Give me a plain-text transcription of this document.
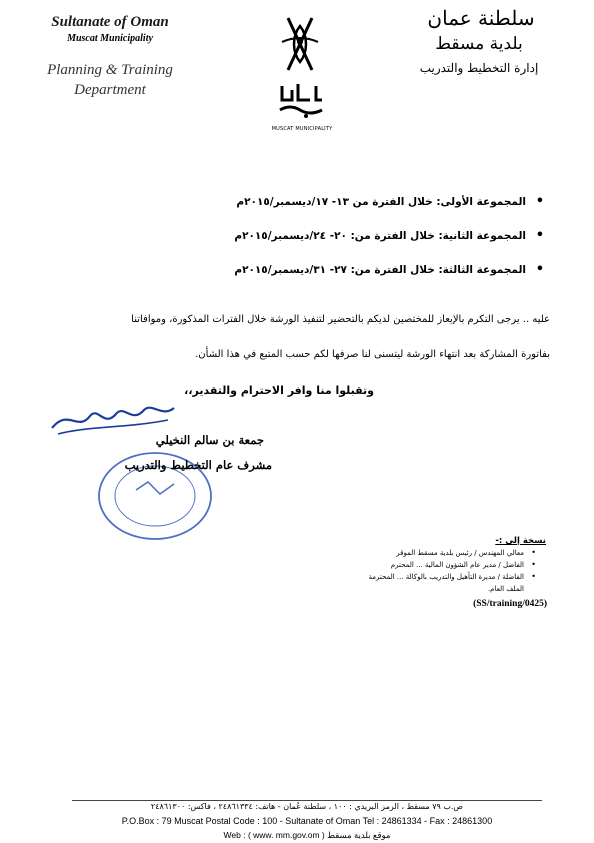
Sultanate of Oman
Muscat Municipality
Planning & Training
Department
سلطنة عمان
بلدية مسقط
إدارة التخطيط والتدريب
MUSCAT MUNICIPALITY
• المجموعة الأولى: خلال الفترة من ١٣- ١٧/ديسمبر/٢٠١٥م
• المجموعة الثانية: خلال الفترة من: ٢٠- ٢٤/ديسمبر/٢٠١٥م
• المجموعة الثالثة: خلال الفترة من: ٢٧- ٣١/ديسمبر/٢٠١٥م
عليه .. يرجى التكرم بالإيعاز للمختصين لديكم بالتحضير لتنفيذ الورشة خلال الفترات المذكورة، وموافاتنا
بفاتورة المشاركة بعد انتهاء الورشة ليتسنى لنا صرفها لكم حسب المتبع في هذا الشأن.
وتقبلوا منا وافر الاحترام والتقدير،،
جمعة بن سالم النخيلي
مشرف عام التخطيط والتدريب
نسخة إلى :-
• معالي المهندس / رئيس بلدية مسقط الموقر
• الفاضل / مدير عام الشؤون المالية ... المحترم
• الفاضلة / مديرة التأهيل والتدريب بالوكالة ... المحترمة
الملف العام.
(SS/training/0425)
ص.ب ٧٩ مسقط ، الرمز البريدي : ١٠٠ ، سلطنة عُمان - هاتف: ٢٤٨٦١٣٣٤ ، فاكس: ٢٤٨٦١٣٠٠
P.O.Box : 79 Muscat Postal Code : 100 - Sultanate of Oman Tel : 24861334 - Fax : 24861300
Web : ( www. mm.gov.om ) موقع بلدية مسقط
